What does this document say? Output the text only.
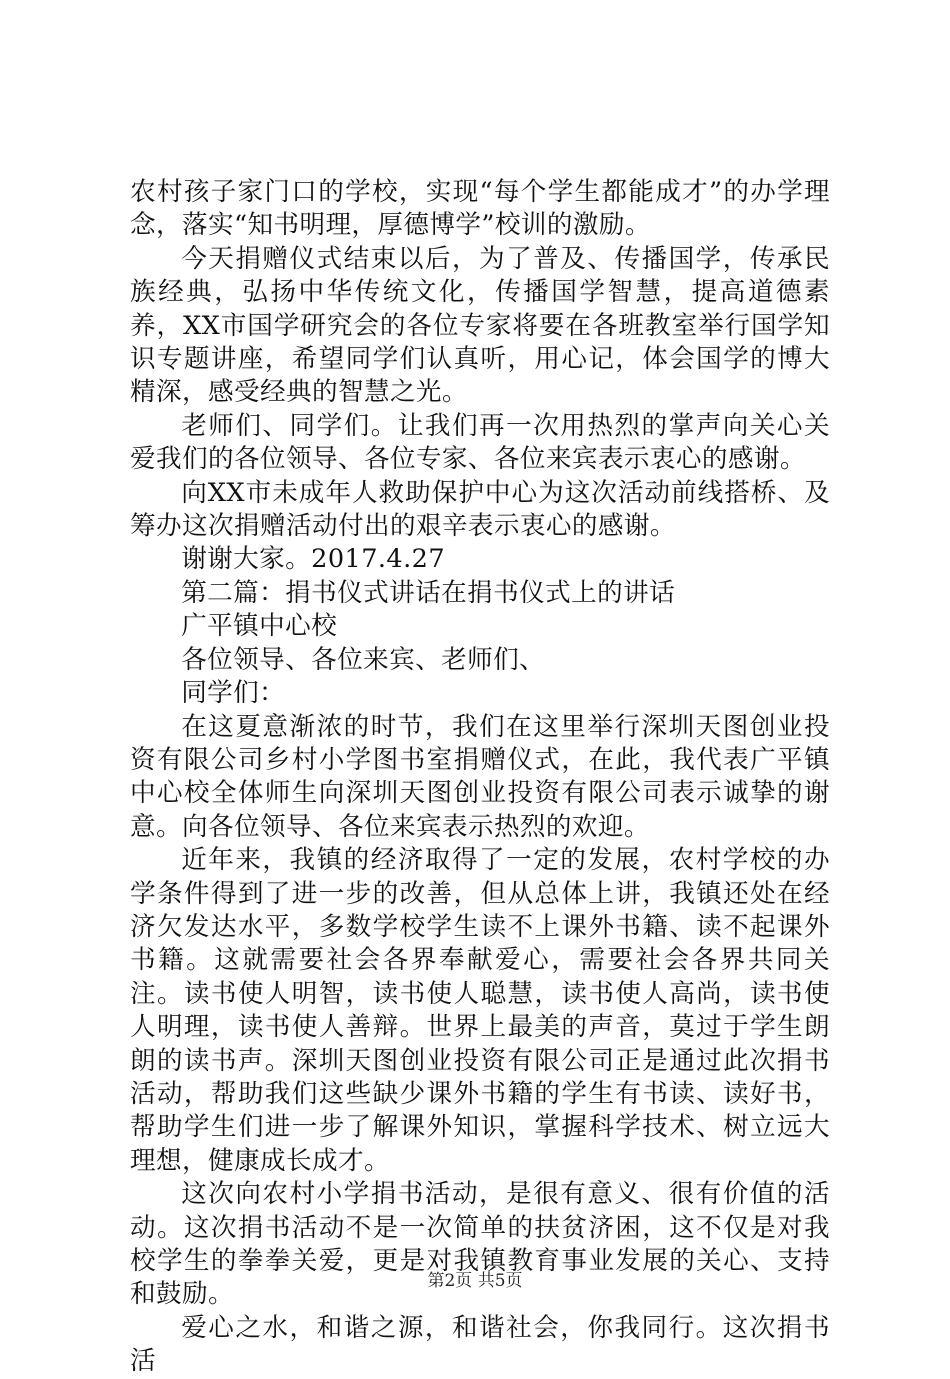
农村孩子家门口的学校，实现“每个学生都能成才”的办学理念，落实“知书明理，厚德博学”校训的激励。

今天捐赠仪式结束以后，为了普及、传播国学，传承民族经典，弘扬中华传统文化，传播国学智慧，提高道德素养，XX市国学研究会的各位专家将要在各班教室举行国学知识专题讲座，希望同学们认真听，用心记，体会国学的博大精深，感受经典的智慧之光。

老师们、同学们。让我们再一次用热烈的掌声向关心关爱我们的各位领导、各位专家、各位来宾表示衷心的感谢。

向XX市未成年人救助保护中心为这次活动前线搭桥、及筹办这次捐赠活动付出的艰辛表示衷心的感谢。

谢谢大家。2017.4.27

第二篇：捐书仪式讲话在捐书仪式上的讲话

广平镇中心校

各位领导、各位来宾、老师们、

同学们：

在这夏意渐浓的时节，我们在这里举行深圳天图创业投资有限公司乡村小学图书室捐赠仪式，在此，我代表广平镇中心校全体师生向深圳天图创业投资有限公司表示诚挚的谢意。向各位领导、各位来宾表示热烈的欢迎。

近年来，我镇的经济取得了一定的发展，农村学校的办学条件得到了进一步的改善，但从总体上讲，我镇还处在经济欠发达水平，多数学校学生读不上课外书籍、读不起课外书籍。这就需要社会各界奉献爱心，需要社会各界共同关注。读书使人明智，读书使人聪慧，读书使人高尚，读书使人明理，读书使人善辩。世界上最美的声音，莫过于学生朗朗的读书声。深圳天图创业投资有限公司正是通过此次捐书活动，帮助我们这些缺少课外书籍的学生有书读、读好书，帮助学生们进一步了解课外知识，掌握科学技术、树立远大理想，健康成长成才。

这次向农村小学捐书活动，是很有意义、很有价值的活动。这次捐书活动不是一次简单的扶贫济困，这不仅是对我校学生的拳拳关爱，更是对我镇教育事业发展的关心、支持和鼓励。

爱心之水，和谐之源，和谐社会，你我同行。这次捐书活

第2页 共5页
